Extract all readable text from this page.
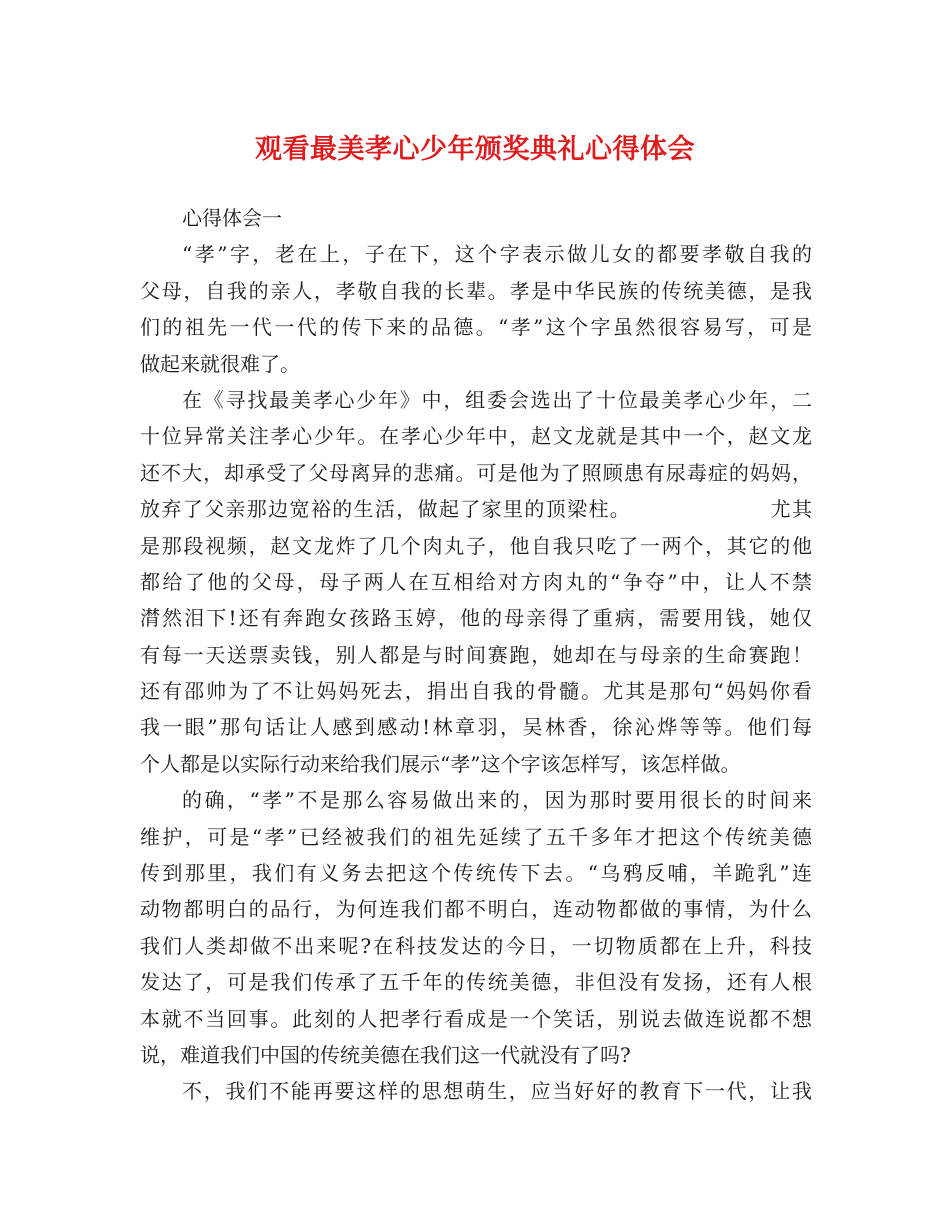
观看最美孝心少年颁奖典礼心得体会
心得体会一
“孝”字，老在上，子在下，这个字表示做儿女的都要孝敬自我的
父母，自我的亲人，孝敬自我的长辈。孝是中华民族的传统美德，是我
们的祖先一代一代的传下来的品德。“孝”这个字虽然很容易写，可是
做起来就很难了。
在《寻找最美孝心少年》中，组委会选出了十位最美孝心少年，二
十位异常关注孝心少年。在孝心少年中，赵文龙就是其中一个，赵文龙
还不大，却承受了父母离异的悲痛。可是他为了照顾患有尿毒症的妈妈，
放弃了父亲那边宽裕的生活，做起了家里的顶梁柱。　　　　　　　尤其
是那段视频，赵文龙炸了几个肉丸子，他自我只吃了一两个，其它的他
都给了他的父母，母子两人在互相给对方肉丸的“争夺”中，让人不禁
潸然泪下!还有奔跑女孩路玉婷，他的母亲得了重病，需要用钱，她仅
有每一天送票卖钱，别人都是与时间赛跑，她却在与母亲的生命赛跑！
还有邵帅为了不让妈妈死去，捐出自我的骨髓。尤其是那句“妈妈你看
我一眼”那句话让人感到感动!林章羽，吴林香，徐沁烨等等。他们每
个人都是以实际行动来给我们展示“孝”这个字该怎样写，该怎样做。
的确，“孝”不是那么容易做出来的，因为那时要用很长的时间来
维护，可是“孝”已经被我们的祖先延续了五千多年才把这个传统美德
传到那里，我们有义务去把这个传统传下去。“乌鸦反哺，羊跪乳”连
动物都明白的品行，为何连我们都不明白，连动物都做的事情，为什么
我们人类却做不出来呢?在科技发达的今日，一切物质都在上升，科技
发达了，可是我们传承了五千年的传统美德，非但没有发扬，还有人根
本就不当回事。此刻的人把孝行看成是一个笑话，别说去做连说都不想
说，难道我们中国的传统美德在我们这一代就没有了吗?
不，我们不能再要这样的思想萌生，应当好好的教育下一代，让我
